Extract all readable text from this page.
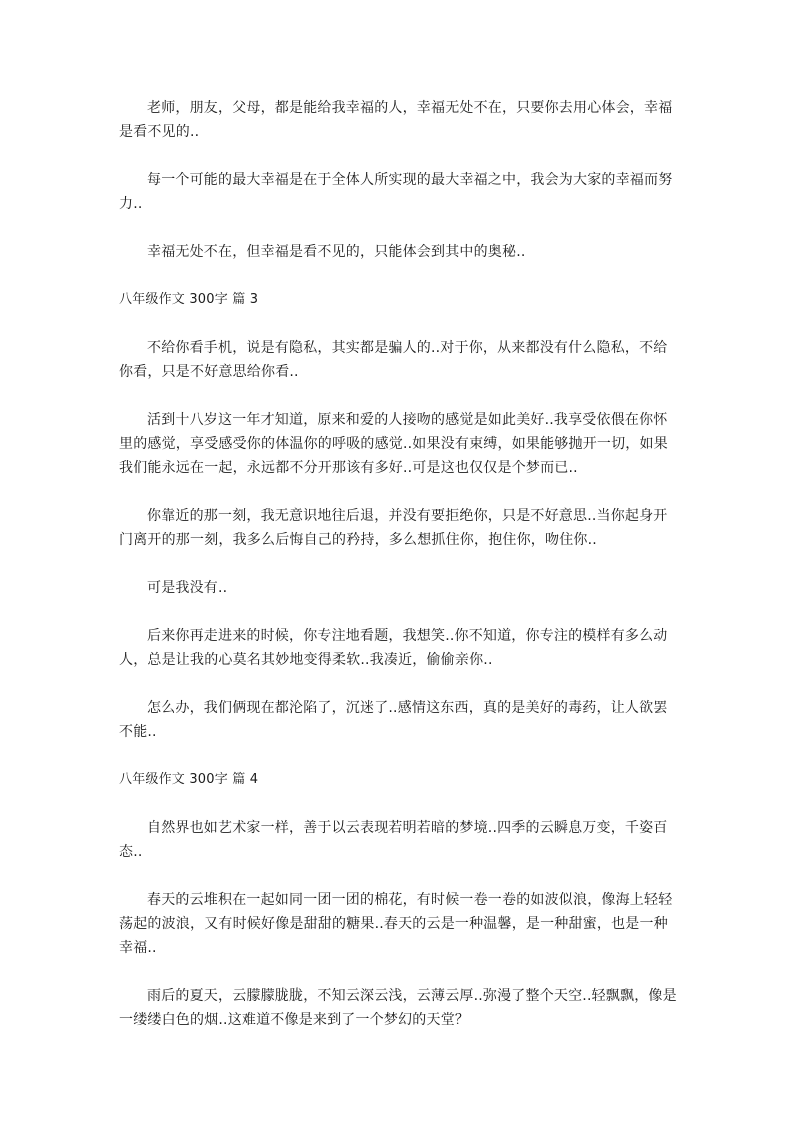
老师，朋友，父母，都是能给我幸福的人，幸福无处不在，只要你去用心体会，幸福是看不见的..
每一个可能的最大幸福是在于全体人所实现的最大幸福之中，我会为大家的幸福而努力..
幸福无处不在，但幸福是看不见的，只能体会到其中的奥秘..
八年级作文 300字 篇 3
不给你看手机，说是有隐私，其实都是骗人的..对于你，从来都没有什么隐私，不给你看，只是不好意思给你看..
活到十八岁这一年才知道，原来和爱的人接吻的感觉是如此美好..我享受依偎在你怀里的感觉，享受感受你的体温你的呼吸的感觉..如果没有束缚，如果能够抛开一切，如果我们能永远在一起，永远都不分开那该有多好..可是这也仅仅是个梦而已..
你靠近的那一刻，我无意识地往后退，并没有要拒绝你，只是不好意思..当你起身开门离开的那一刻，我多么后悔自己的矜持，多么想抓住你，抱住你，吻住你..
可是我没有..
后来你再走进来的时候，你专注地看题，我想笑..你不知道，你专注的模样有多么动人，总是让我的心莫名其妙地变得柔软..我凑近，偷偷亲你..
怎么办，我们俩现在都沦陷了，沉迷了..感情这东西，真的是美好的毒药，让人欲罢不能..
八年级作文 300字 篇 4
自然界也如艺术家一样，善于以云表现若明若暗的梦境..四季的云瞬息万变，千姿百态..
春天的云堆积在一起如同一团一团的棉花，有时候一卷一卷的如波似浪，像海上轻轻荡起的波浪，又有时候好像是甜甜的糖果..春天的云是一种温馨，是一种甜蜜，也是一种幸福..
雨后的夏天，云朦朦胧胧，不知云深云浅，云薄云厚..弥漫了整个天空..轻飘飘，像是一缕缕白色的烟..这难道不像是来到了一个梦幻的天堂？
